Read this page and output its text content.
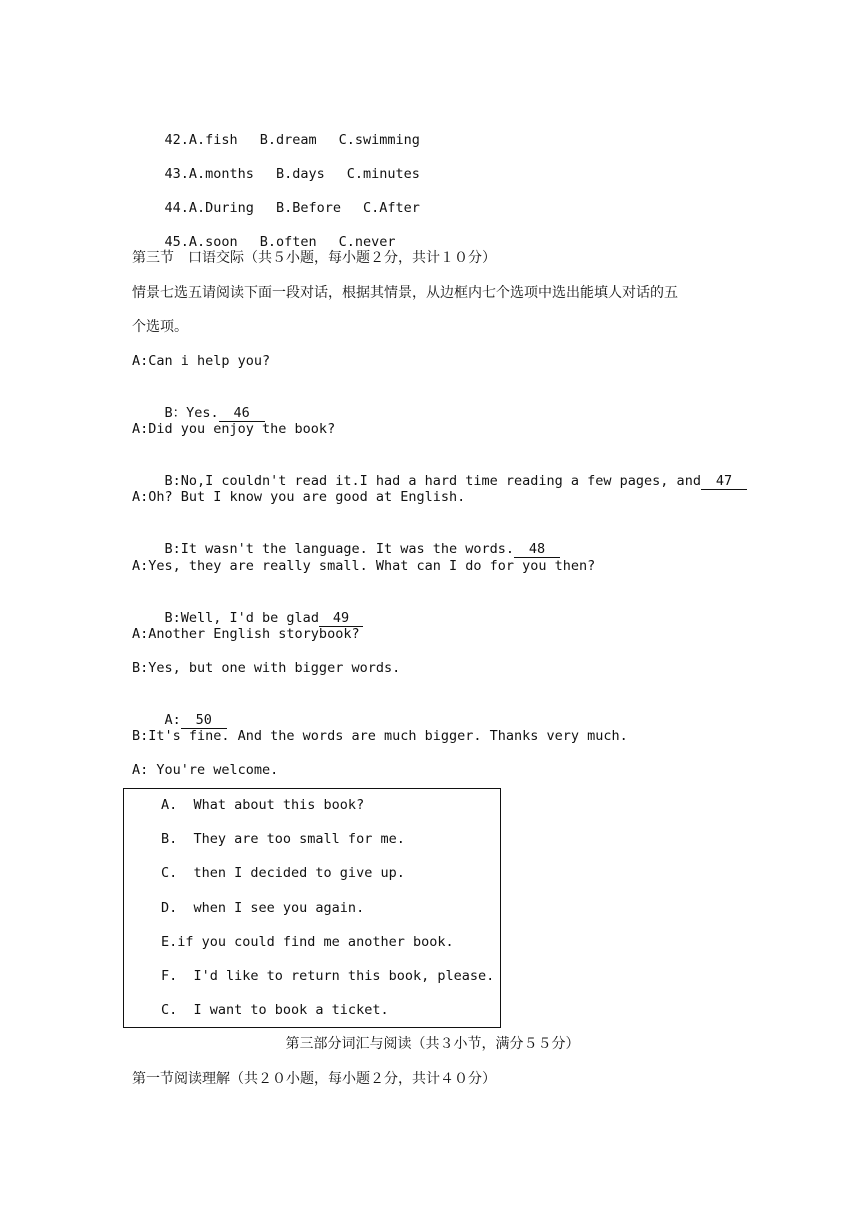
42.A.fish B.dream C.swimming

43.A.months B.days C.minutes

44.A.During B.Before C.After

45.A.soon B.often C.never

第三节　口语交际（共５小题，每小题２分，共计１０分）
情景七选五请阅读下面一段对话，根据其情景，从边框内七个选项中选出能填人对话的五
个选项。
A:Can i help you?

B：Yes. 46

A:Did you enjoy the book?

B:No,I couldn't read it.I had a hard time reading a few pages, and 47

A:Oh? But I know you are good at English.

B:It wasn't the language. It was the words. 48

A:Yes, they are really small. What can I do for you then?

B:Well, I'd be glad 49

A:Another English storybook?
B:Yes, but one with bigger words.

A: 50

B:It's fine. And the words are much bigger. Thanks very much.
A: You're welcome.
A.  What about this book?
B.  They are too small for me.
C.  then I decided to give up.
D.  when I see you again.
E.if you could find me another book.
F.  I'd like to return this book, please.
C.  I want to book a ticket.
第三部分词汇与阅读（共３小节，满分５５分）
第一节阅读理解（共２０小题，每小题２分，共计４０分）
